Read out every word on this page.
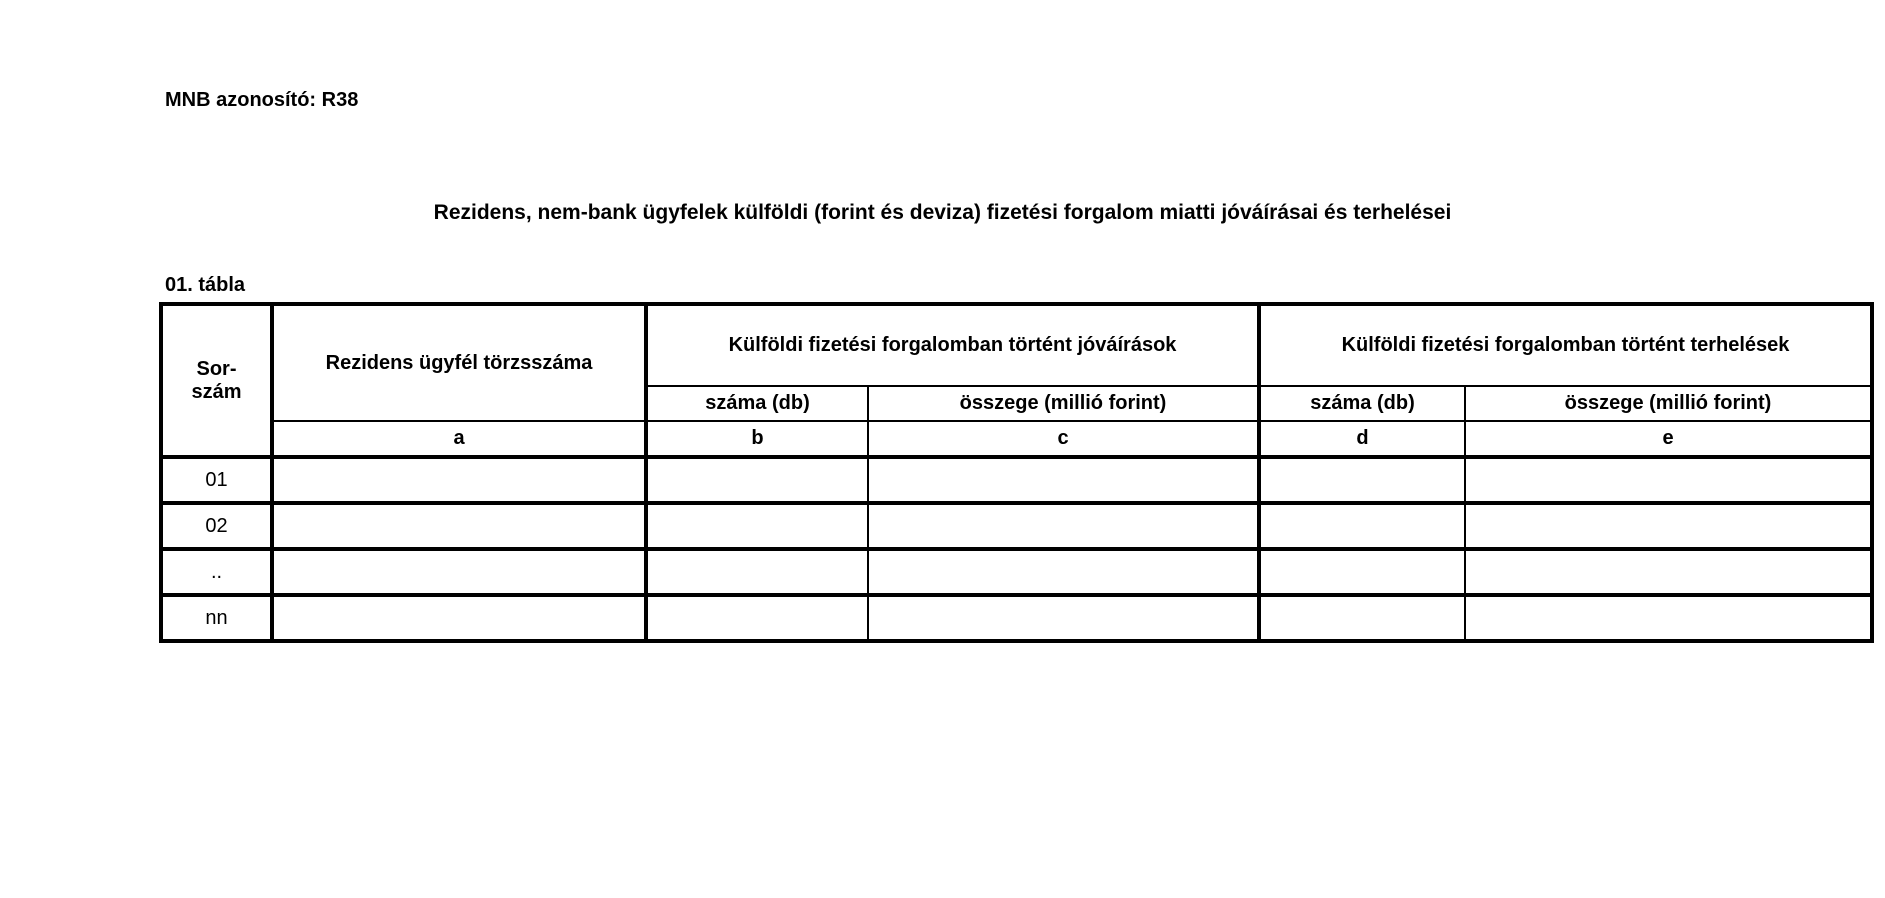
MNB azonosító: R38
Rezidens, nem-bank ügyfelek külföldi (forint és deviza) fizetési forgalom miatti jóváírásai és terhelései
01. tábla
Sor-
szám	Rezidens ügyfél törzsszáma	Külföldi fizetési forgalomban történt jóváírások		Külföldi fizetési forgalomban történt terhelések	
		száma (db)	összege (millió forint)	száma (db)	összege (millió forint)
	a	b	c	d	e
01					
02					
..					
nn					
